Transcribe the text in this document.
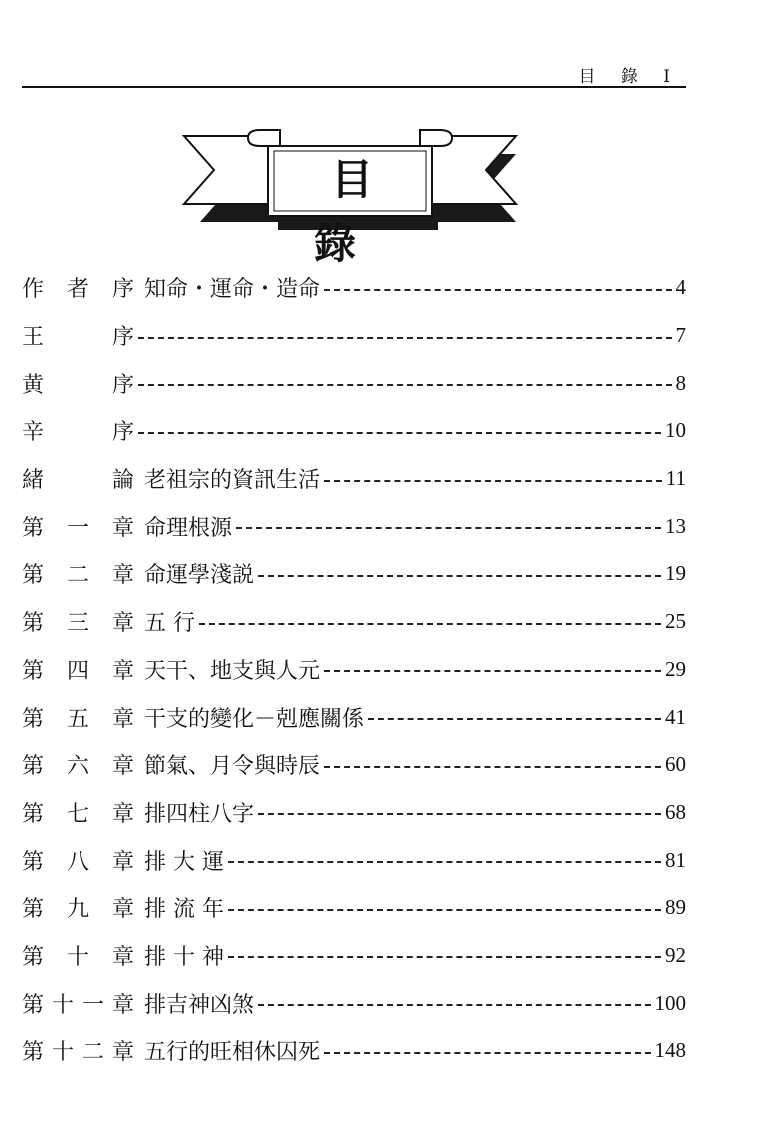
目 錄 I
目 錄
作 者 序 知命・運命・造命	4
王	序	7
黄	序	8
辛	序	10
緒	論 老祖宗的資訊生活	11
第 一 章 命理根源	13
第 二 章 命運學淺説	19
第 三 章 五 行	25
第 四 章 天干、地支與人元	29
第 五 章 干支的變化－剋應關係	41
第 六 章 節氣、月令與時辰	60
第 七 章 排四柱八字	68
第 八 章 排 大 運	81
第 九 章 排 流 年	89
第 十 章 排 十 神	92
第 十 一 章 排吉神凶煞	100
第 十 二 章 五行的旺相休囚死	148
